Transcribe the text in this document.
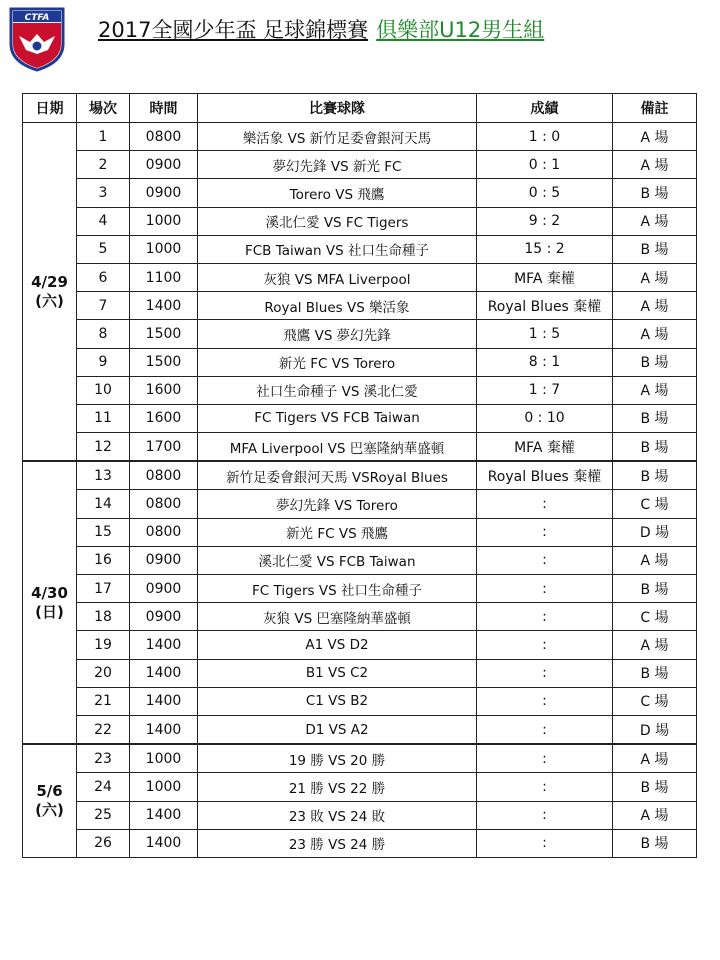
CTFA 2017全國少年盃 足球錦標賽 俱樂部U12男生組
日期	場次	時間	比賽球隊	成績	備註

4/29
(六)	1	0800	樂活象 VS 新竹足委會銀河天馬	1 : 0	A 場
	2	0900	夢幻先鋒 VS 新光 FC	0 : 1	A 場
	3	0900	Torero VS 飛鷹	0 : 5	B 場
	4	1000	溪北仁愛 VS FC Tigers	9 : 2	A 場
	5	1000	FCB Taiwan VS 社口生命種子	15 : 2	B 場
	6	1100	灰狼 VS MFA Liverpool	MFA 棄權	A 場
	7	1400	Royal Blues VS 樂活象	Royal Blues 棄權	A 場
	8	1500	飛鷹 VS 夢幻先鋒	1 : 5	A 場
	9	1500	新光 FC VS Torero	8 : 1	B 場
	10	1600	社口生命種子 VS 溪北仁愛	1 : 7	A 場
	11	1600	FC Tigers VS FCB Taiwan	0 : 10	B 場
	12	1700	MFA Liverpool VS 巴塞隆納華盛頓	MFA 棄權	B 場

4/30
(日)	13	0800	新竹足委會銀河天馬 VSRoyal Blues	Royal Blues 棄權	B 場
	14	0800	夢幻先鋒 VS Torero	:	C 場
	15	0800	新光 FC VS 飛鷹	:	D 場
	16	0900	溪北仁愛 VS FCB Taiwan	:	A 場
	17	0900	FC Tigers VS 社口生命種子	:	B 場
	18	0900	灰狼 VS 巴塞隆納華盛頓	:	C 場
	19	1400	A1 VS D2	:	A 場
	20	1400	B1 VS C2	:	B 場
	21	1400	C1 VS B2	:	C 場
	22	1400	D1 VS A2	:	D 場

5/6
(六)	23	1000	19 勝 VS 20 勝	:	A 場
	24	1000	21 勝 VS 22 勝	:	B 場
	25	1400	23 敗 VS 24 敗	:	A 場
	26	1400	23 勝 VS 24 勝	:	B 場
